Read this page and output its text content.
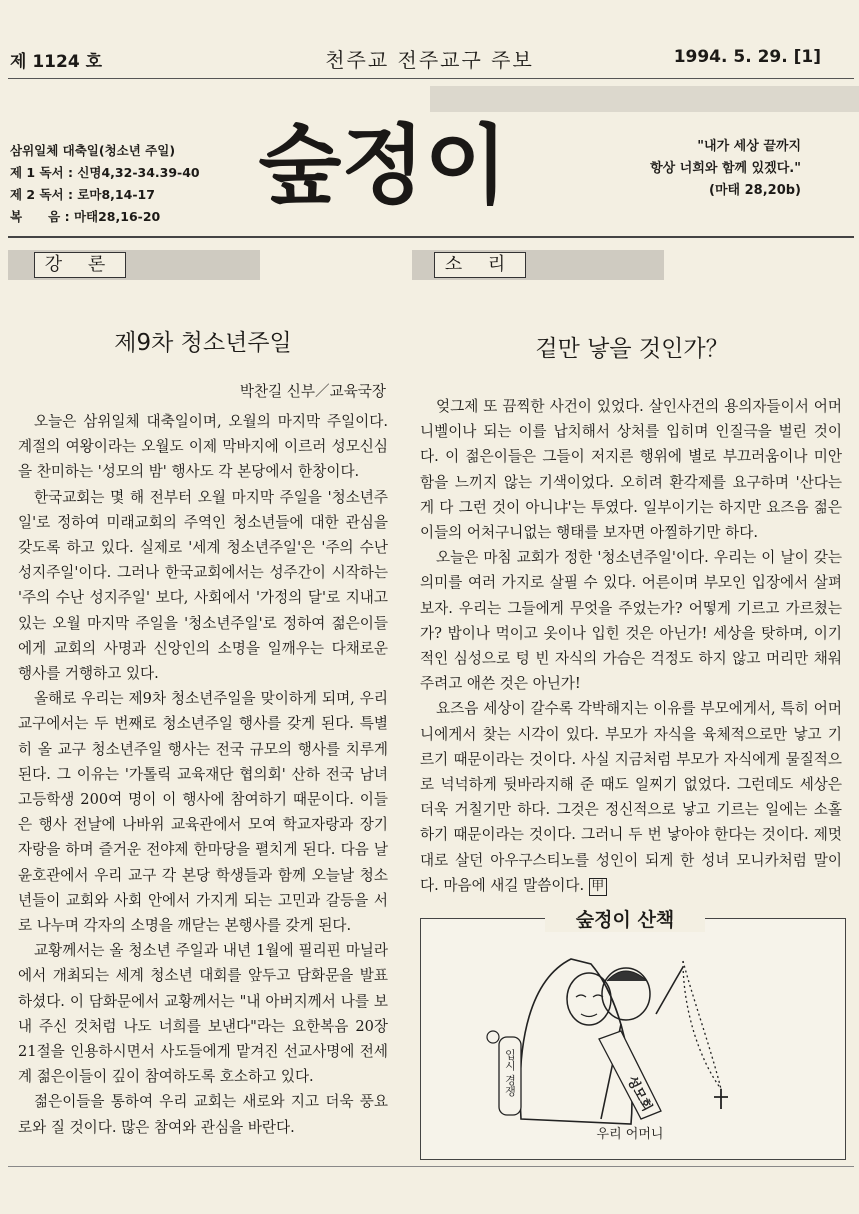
제 1124 호	천주교 전주교구 주보	1994. 5. 29. [1]
삼위일체 대축일(청소년 주일)
제 1 독서 : 신명4,32-34.39-40
제 2 독서 : 로마8,14-17
복      음 : 마태28,16-20
숲정이	"내가 세상 끝까지
항상 너희와 함께 있겠다."
(마태 28,20b)
강 론	소 리
제9차 청소년주일
박찬길 신부／교육국장

오늘은 삼위일체 대축일이며, 오월의 마지막 주일이다. 계절의 여왕이라는 오월도 이제 막바지에 이르러 성모신심을 찬미하는 '성모의 밤' 행사도 각 본당에서 한창이다.

한국교회는 몇 해 전부터 오월 마지막 주일을 '청소년주일'로 정하여 미래교회의 주역인 청소년들에 대한 관심을 갖도록 하고 있다. 실제로 '세계 청소년주일'은 '주의 수난 성지주일'이다. 그러나 한국교회에서는 성주간이 시작하는 '주의 수난 성지주일' 보다, 사회에서 '가정의 달'로 지내고 있는 오월 마지막 주일을 '청소년주일'로 정하여 젊은이들에게 교회의 사명과 신앙인의 소명을 일깨우는 다채로운 행사를 거행하고 있다.

올해로 우리는 제9차 청소년주일을 맞이하게 되며, 우리 교구에서는 두 번째로 청소년주일 행사를 갖게 된다. 특별히 올 교구 청소년주일 행사는 전국 규모의 행사를 치루게 된다. 그 이유는 '가톨릭 교육재단 협의회' 산하 전국 남녀 고등학생 200여 명이 이 행사에 참여하기 때문이다. 이들은 행사 전날에 나바위 교육관에서 모여 학교자랑과 장기자랑을 하며 즐거운 전야제 한마당을 펼치게 된다. 다음 날 윤호관에서 우리 교구 각 본당 학생들과 함께 오늘날 청소년들이 교회와 사회 안에서 가지게 되는 고민과 갈등을 서로 나누며 각자의 소명을 깨닫는 본행사를 갖게 된다.

교황께서는 올 청소년 주일과 내년 1월에 필리핀 마닐라에서 개최되는 세계 청소년 대회를 앞두고 담화문을 발표하셨다. 이 담화문에서 교황께서는 "내 아버지께서 나를 보내 주신 것처럼 나도 너희를 보낸다"라는 요한복음 20장 21절을 인용하시면서 사도들에게 맡겨진 선교사명에 전세계 젊은이들이 깊이 참여하도록 호소하고 있다.

젊은이들을 통하여 우리 교회는 새로와 지고 더욱 풍요로와 질 것이다. 많은 참여와 관심을 바란다.

겉만 낳을 것인가？

엊그제 또 끔찍한 사건이 있었다. 살인사건의 용의자들이서 어머니벨이나 되는 이를 납치해서 상처를 입히며 인질극을 벌린 것이다. 이 젊은이들은 그들이 저지른 행위에 별로 부끄러움이나 미안함을 느끼지 않는 기색이었다. 오히려 환각제를 요구하며 '산다는 게 다 그런 것이 아니냐'는 투였다. 일부이기는 하지만 요즈음 젊은이들의 어처구니없는 행태를 보자면 아찔하기만 하다.

오늘은 마침 교회가 정한 '청소년주일'이다. 우리는 이 날이 갖는 의미를 여러 가지로 살필 수 있다. 어른이며 부모인 입장에서 살펴 보자. 우리는 그들에게 무엇을 주었는가? 어떻게 기르고 가르쳤는가? 밥이나 먹이고 옷이나 입힌 것은 아닌가! 세상을 탓하며, 이기적인 심성으로 텅 빈 자식의 가슴은 걱정도 하지 않고 머리만 채워 주려고 애쓴 것은 아닌가!

요즈음 세상이 갈수록 각박해지는 이유를 부모에게서, 특히 어머니에게서 찾는 시각이 있다. 부모가 자식을 육체적으로만 낳고 기르기 때문이라는 것이다. 사실 지금처럼 부모가 자식에게 물질적으로 넉넉하게 뒷바라지해 준 때도 일찌기 없었다. 그런데도 세상은 더욱 거칠기만 하다. 그것은 정신적으로 낳고 기르는 일에는 소홀하기 때문이라는 것이다. 그러니 두 번 낳아야 한다는 것이다. 제멋대로 살던 아우구스티노를 성인이 되게 한 성녀 모니카처럼 말이다. 마음에 새길 말씀이다. 甲

성모회
입시 경쟁
숲정이 산책
우리 어머니
